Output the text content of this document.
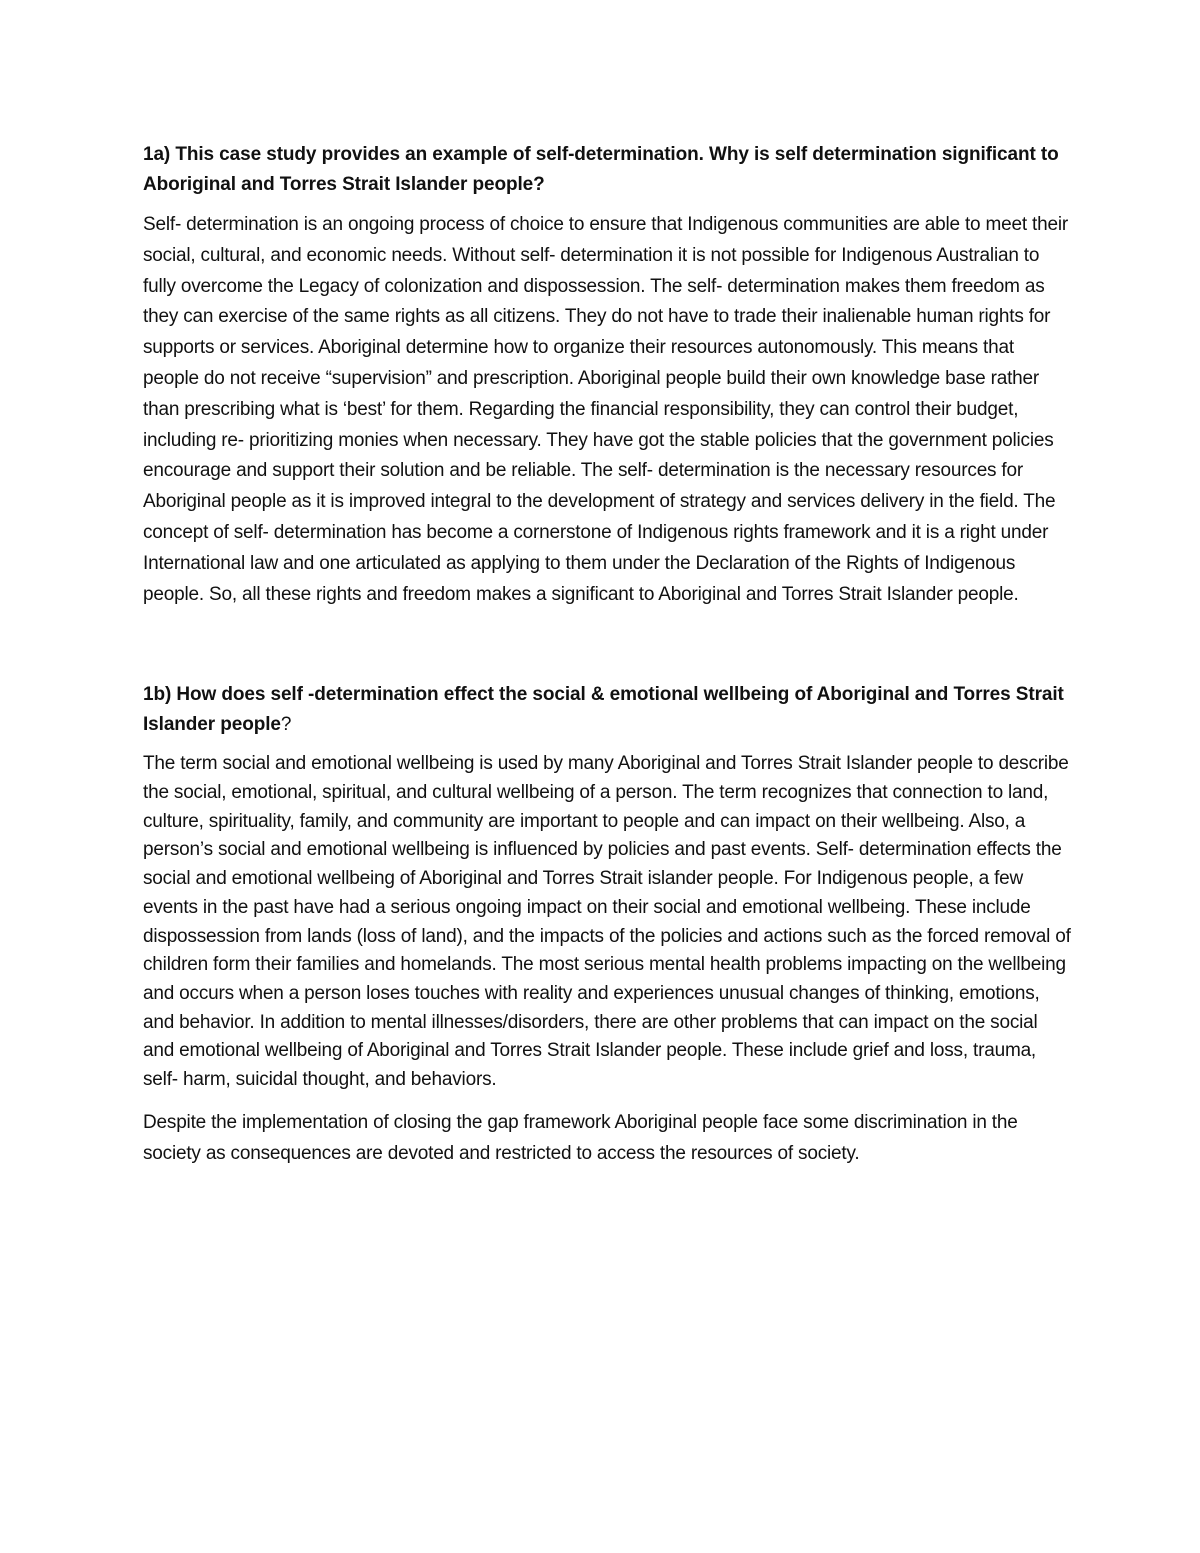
1a) This case study provides an example of self-determination. Why is self determination significant to Aboriginal and Torres Strait Islander people?

Self- determination is an ongoing process of choice to ensure that Indigenous communities are able to meet their social, cultural, and economic needs. Without self- determination it is not possible for Indigenous Australian to fully overcome the Legacy of colonization and dispossession. The self- determination makes them freedom as they can exercise of the same rights as all citizens. They do not have to trade their inalienable human rights for supports or services. Aboriginal determine how to organize their resources autonomously. This means that people do not receive “supervision” and prescription. Aboriginal people build their own knowledge base rather than prescribing what is ‘best’ for them. Regarding the financial responsibility, they can control their budget, including re- prioritizing monies when necessary. They have got the stable policies that the government policies encourage and support their solution and be reliable. The self- determination is the necessary resources for Aboriginal people as it is improved integral to the development of strategy and services delivery in the field. The concept of self- determination has become a cornerstone of Indigenous rights framework and it is a right under International law and one articulated as applying to them under the Declaration of the Rights of Indigenous people. So, all these rights and freedom makes a significant to Aboriginal and Torres Strait Islander people.

1b) How does self -determination effect the social & emotional wellbeing of Aboriginal and Torres Strait Islander people?

The term social and emotional wellbeing is used by many Aboriginal and Torres Strait Islander people to describe the social, emotional, spiritual, and cultural wellbeing of a person. The term recognizes that connection to land, culture, spirituality, family, and community are important to people and can impact on their wellbeing. Also, a person’s social and emotional wellbeing is influenced by policies and past events. Self- determination effects the social and emotional wellbeing of Aboriginal and Torres Strait islander people. For Indigenous people, a few events in the past have had a serious ongoing impact on their social and emotional wellbeing. These include dispossession from lands (loss of land), and the impacts of the policies and actions such as the forced removal of children form their families and homelands. The most serious mental health problems impacting on the wellbeing and occurs when a person loses touches with reality and experiences unusual changes of thinking, emotions, and behavior. In addition to mental illnesses/disorders, there are other problems that can impact on the social and emotional wellbeing of Aboriginal and Torres Strait Islander people. These include grief and loss, trauma, self- harm, suicidal thought, and behaviors.

Despite the implementation of closing the gap framework Aboriginal people face some discrimination in the society as consequences are devoted and restricted to access the resources of society.
